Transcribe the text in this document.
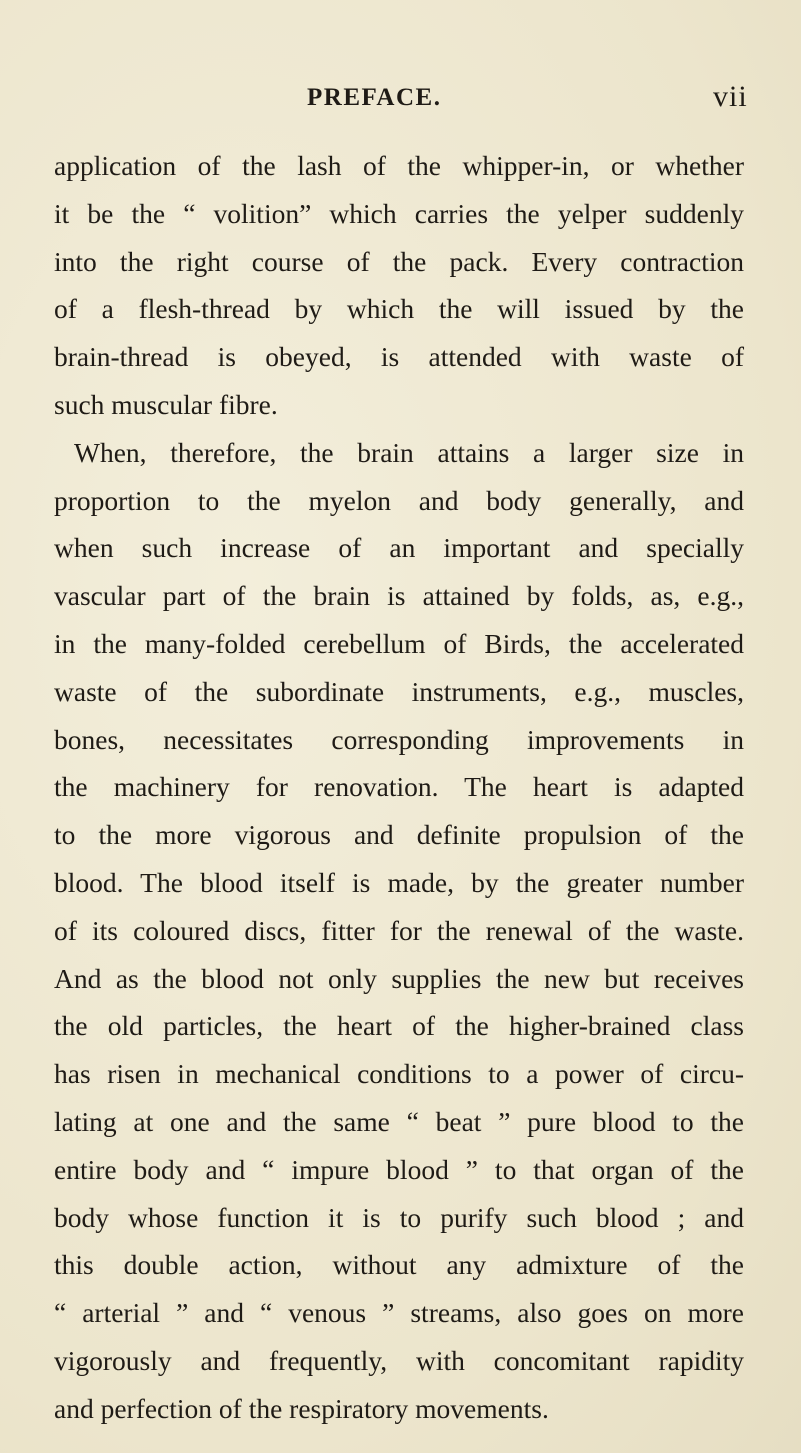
PREFACE.	vii
application of the lash of the whipper-in, or whether
it be the “ volition” which carries the yelper suddenly
into the right course of the pack. Every contraction
of a flesh-thread by which the will issued by the
brain-thread is obeyed, is attended with waste of
such muscular fibre.
When, therefore, the brain attains a larger size in
proportion to the myelon and body generally, and
when such increase of an important and specially
vascular part of the brain is attained by folds, as, e.g.,
in the many-folded cerebellum of Birds, the accelerated
waste of the subordinate instruments, e.g., muscles,
bones, necessitates corresponding improvements in
the machinery for renovation. The heart is adapted
to the more vigorous and definite propulsion of the
blood. The blood itself is made, by the greater number
of its coloured discs, fitter for the renewal of the waste.
And as the blood not only supplies the new but receives
the old particles, the heart of the higher-brained class
has risen in mechanical conditions to a power of circu-
lating at one and the same “ beat ” pure blood to the
entire body and “ impure blood ” to that organ of the
body whose function it is to purify such blood ; and
this double action, without any admixture of the
“ arterial ” and “ venous ” streams, also goes on more
vigorously and frequently, with concomitant rapidity
and perfection of the respiratory movements.
